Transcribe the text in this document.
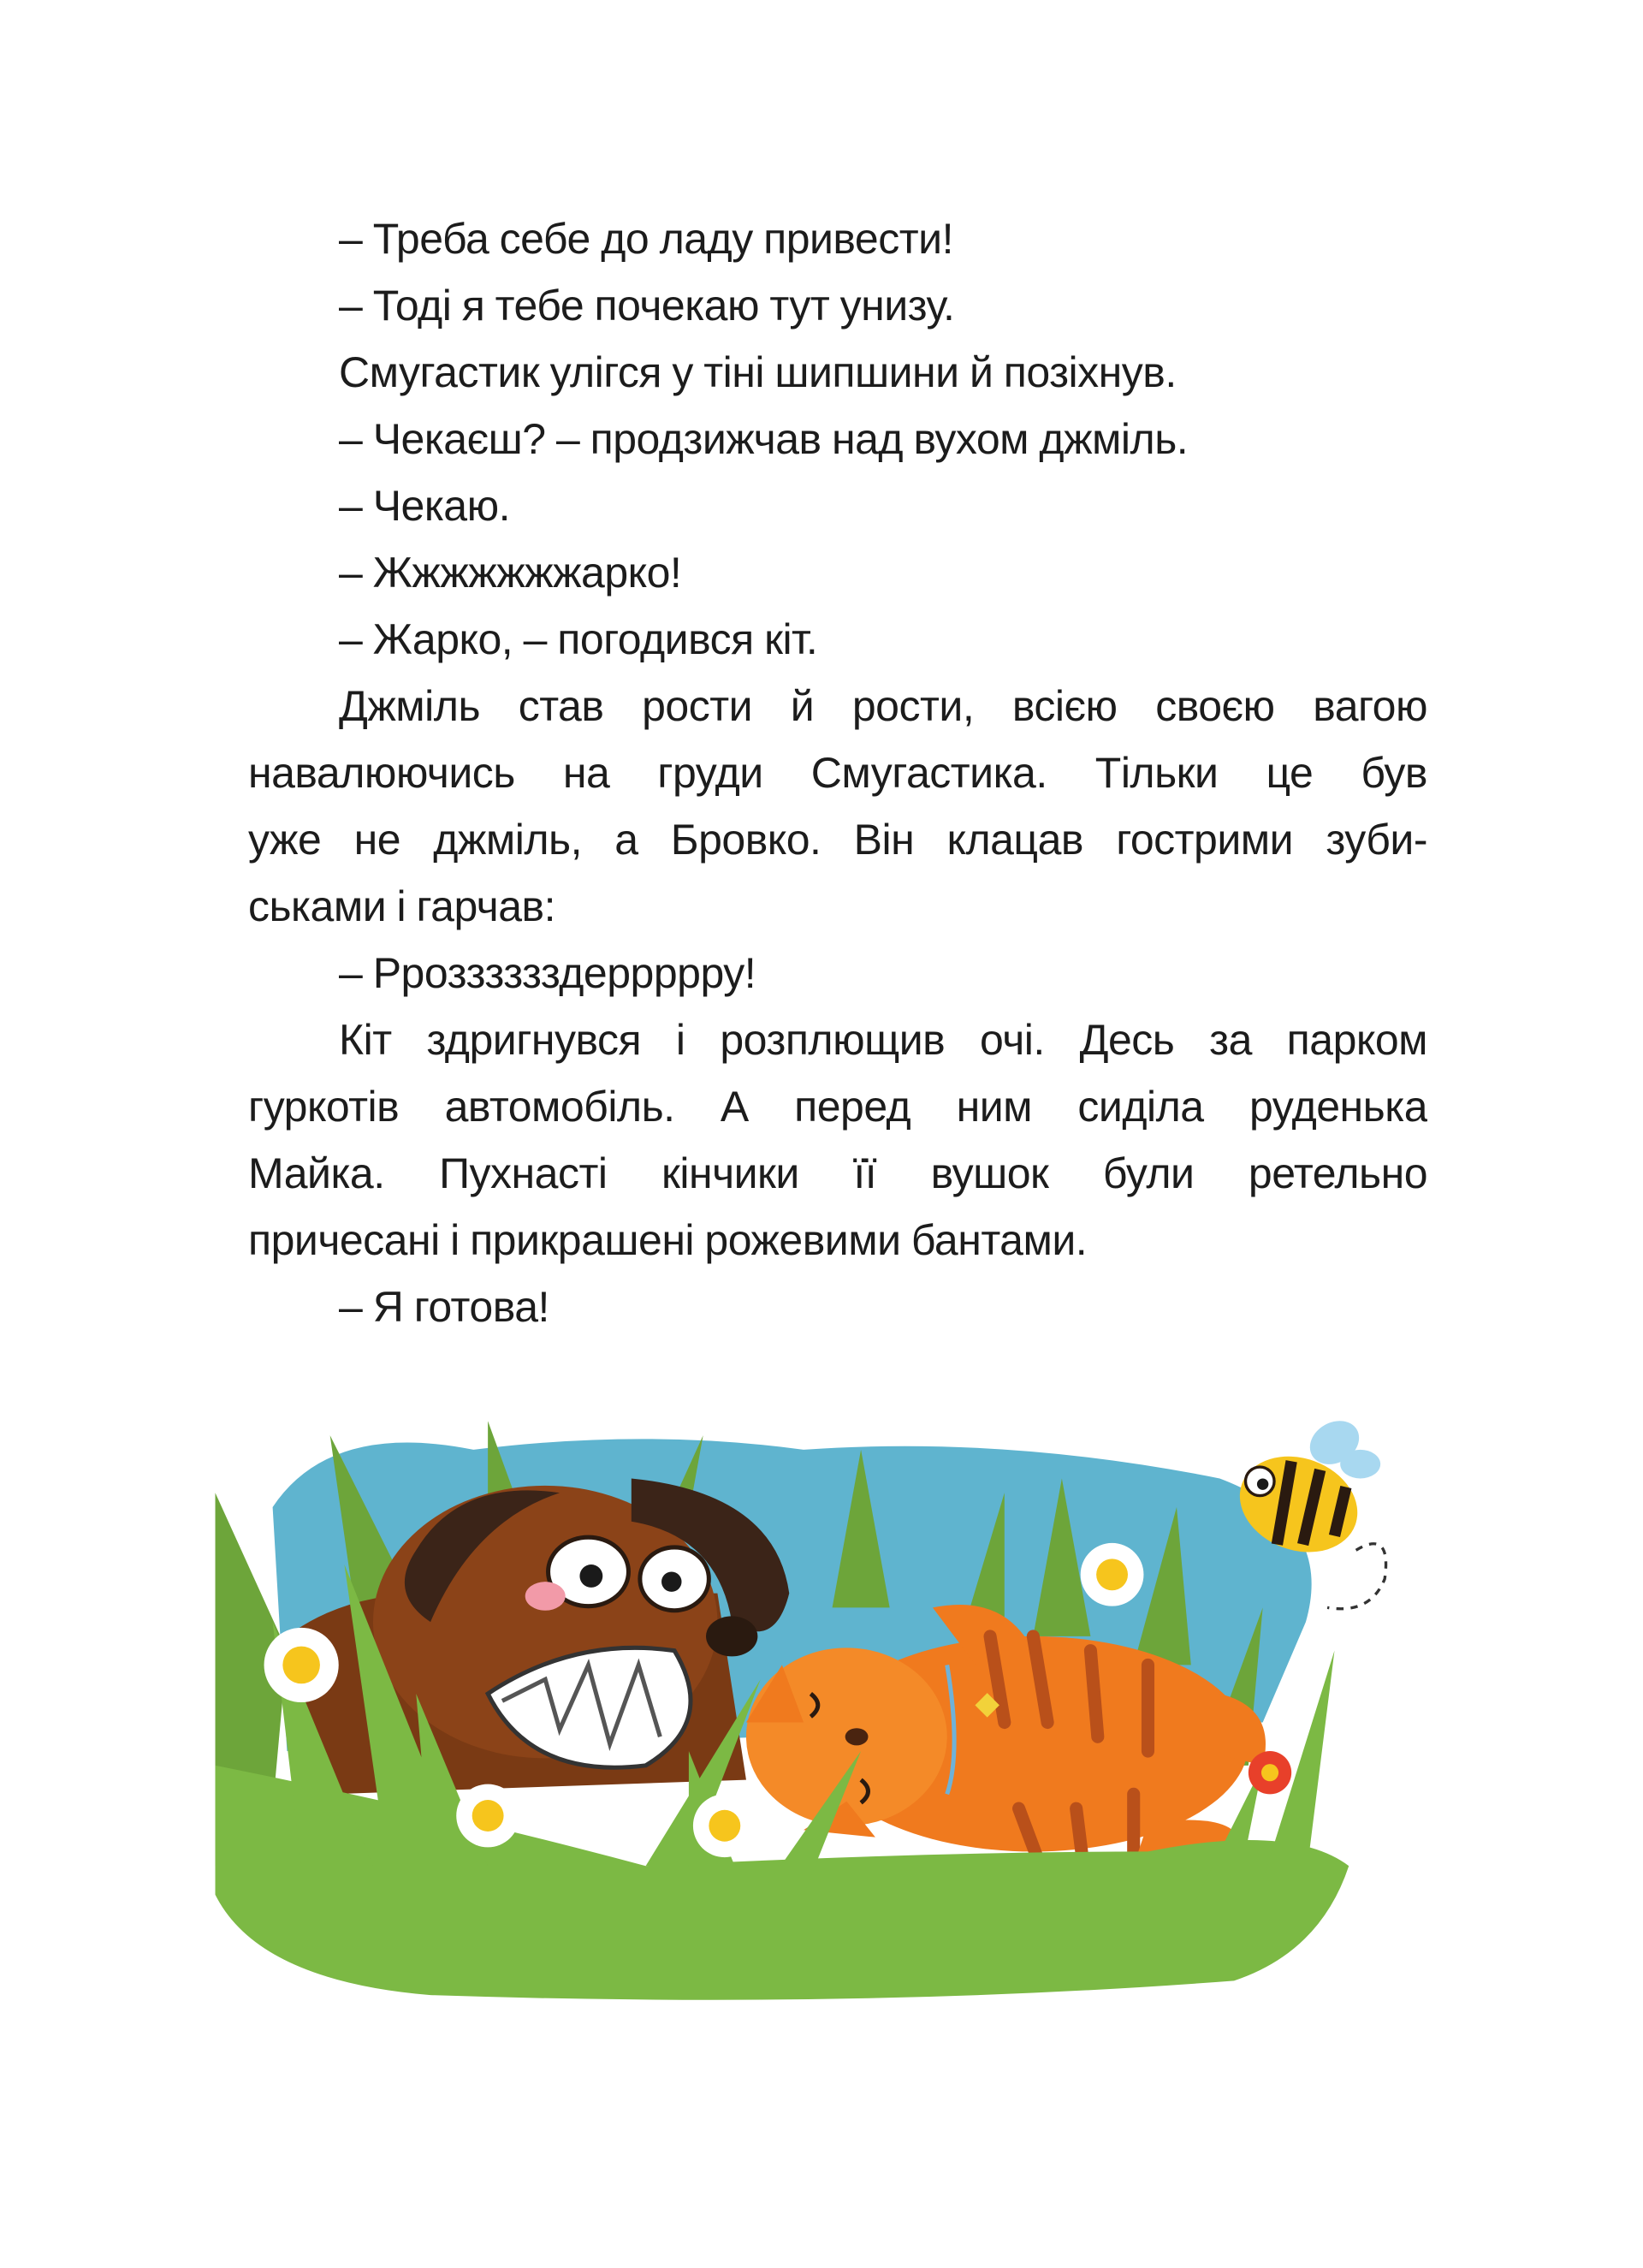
– Треба себе до ладу привести!
– Тоді я тебе почекаю тут унизу.
Смугастик улігся у тіні шипшини й позіхнув.
– Чекаєш? – продзижчав над вухом джміль.
– Чекаю.
– Жжжжжжжарко!
– Жарко, – погодився кіт.
Джміль став рости й рости, всією своєю вагою
навалюючись на груди Смугастика. Тільки це був
уже не джміль, а Бровко. Він клацав гострими зуби-
ськами і гарчав:
– Ррозззззздеррррру!
Кіт здригнувся і розплющив очі. Десь за парком
гуркотів автомобіль. А перед ним сиділа руденька
Майка. Пухнасті кінчики її вушок були ретельно
причесані і прикрашені рожевими бантами.
– Я готова!
